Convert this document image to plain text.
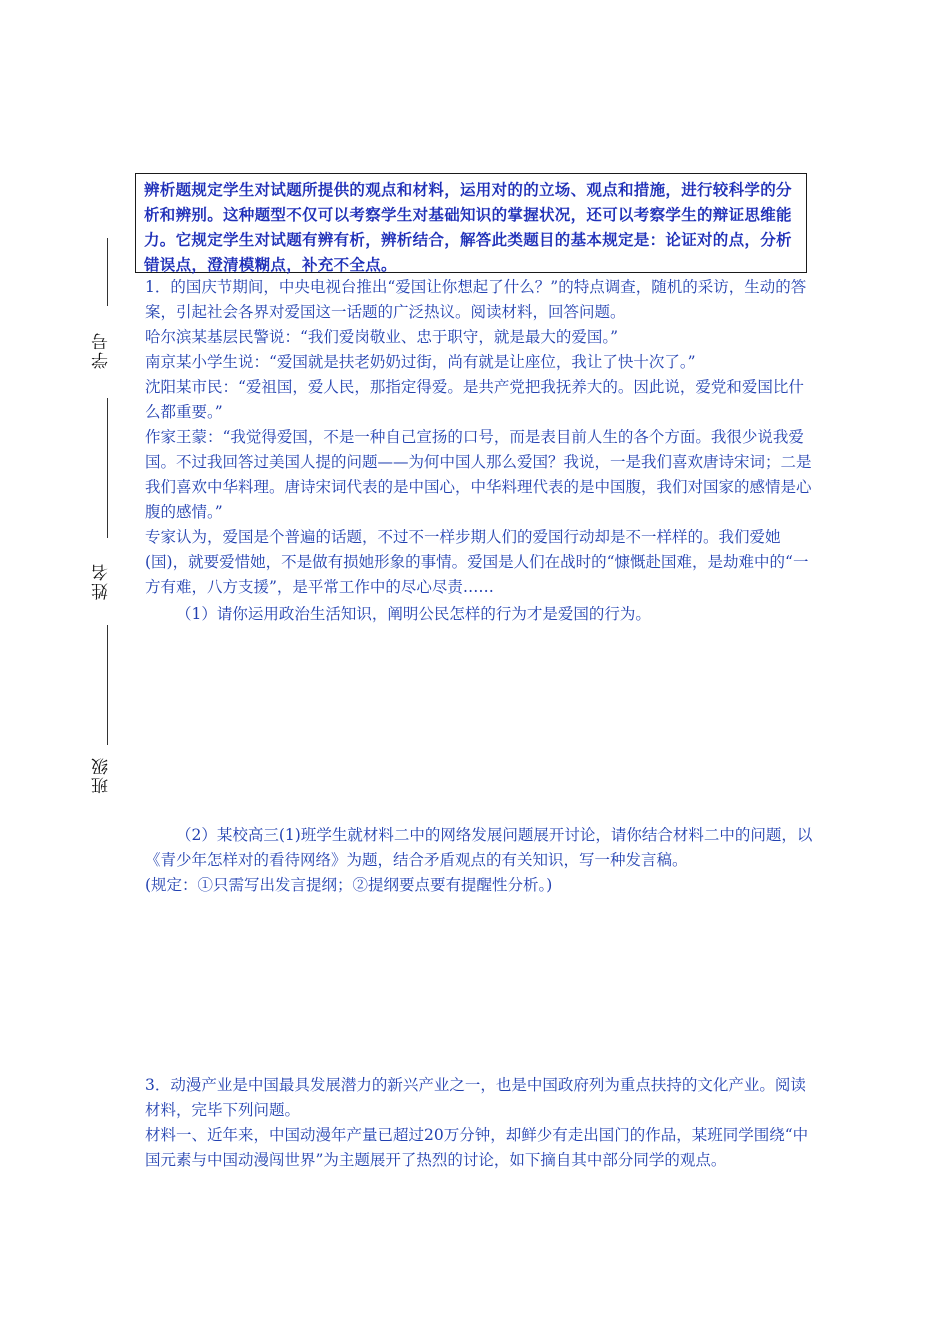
学号
姓名
班级
辨析题规定学生对试题所提供的观点和材料，运用对的的立场、观点和措施，进行较科学的分析和辨别。这种题型不仅可以考察学生对基础知识的掌握状况，还可以考察学生的辩证思维能力。它规定学生对试题有辨有析，辨析结合，解答此类题目的基本规定是：论证对的点，分析错误点，澄清模糊点，补充不全点。

1．的国庆节期间，中央电视台推出“爱国让你想起了什么？”的特点调查，随机的采访，生动的答案，引起社会各界对爱国这一话题的广泛热议。阅读材料，回答问题。

哈尔滨某基层民警说：“我们爱岗敬业、忠于职守，就是最大的爱国。”

南京某小学生说：“爱国就是扶老奶奶过街，尚有就是让座位，我让了快十次了。”

沈阳某市民：“爱祖国，爱人民，那指定得爱。是共产党把我抚养大的。因此说，爱党和爱国比什么都重要。”

作家王蒙：“我觉得爱国，不是一种自己宣扬的口号，而是表目前人生的各个方面。我很少说我爱国。不过我回答过美国人提的问题——为何中国人那么爱国？我说，一是我们喜欢唐诗宋词；二是我们喜欢中华料理。唐诗宋词代表的是中国心，中华料理代表的是中国腹，我们对国家的感情是心腹的感情。”

专家认为，爱国是个普遍的话题，不过不一样步期人们的爱国行动却是不一样样的。我们爱她(国)，就要爱惜她，不是做有损她形象的事情。爱国是人们在战时的“慷慨赴国难，是劫难中的“一方有难，八方支援”，是平常工作中的尽心尽责……

（1）请你运用政治生活知识，阐明公民怎样的行为才是爱国的行为。

（2）某校高三(1)班学生就材料二中的网络发展问题展开讨论，请你结合材料二中的问题，以《青少年怎样对的看待网络》为题，结合矛盾观点的有关知识，写一种发言稿。

(规定：①只需写出发言提纲；②提纲要点要有提醒性分析。)

3．动漫产业是中国最具发展潜力的新兴产业之一，也是中国政府列为重点扶持的文化产业。阅读材料，完毕下列问题。

材料一、近年来，中国动漫年产量已超过20万分钟，却鲜少有走出国门的作品，某班同学围绕“中国元素与中国动漫闯世界”为主题展开了热烈的讨论，如下摘自其中部分同学的观点。
